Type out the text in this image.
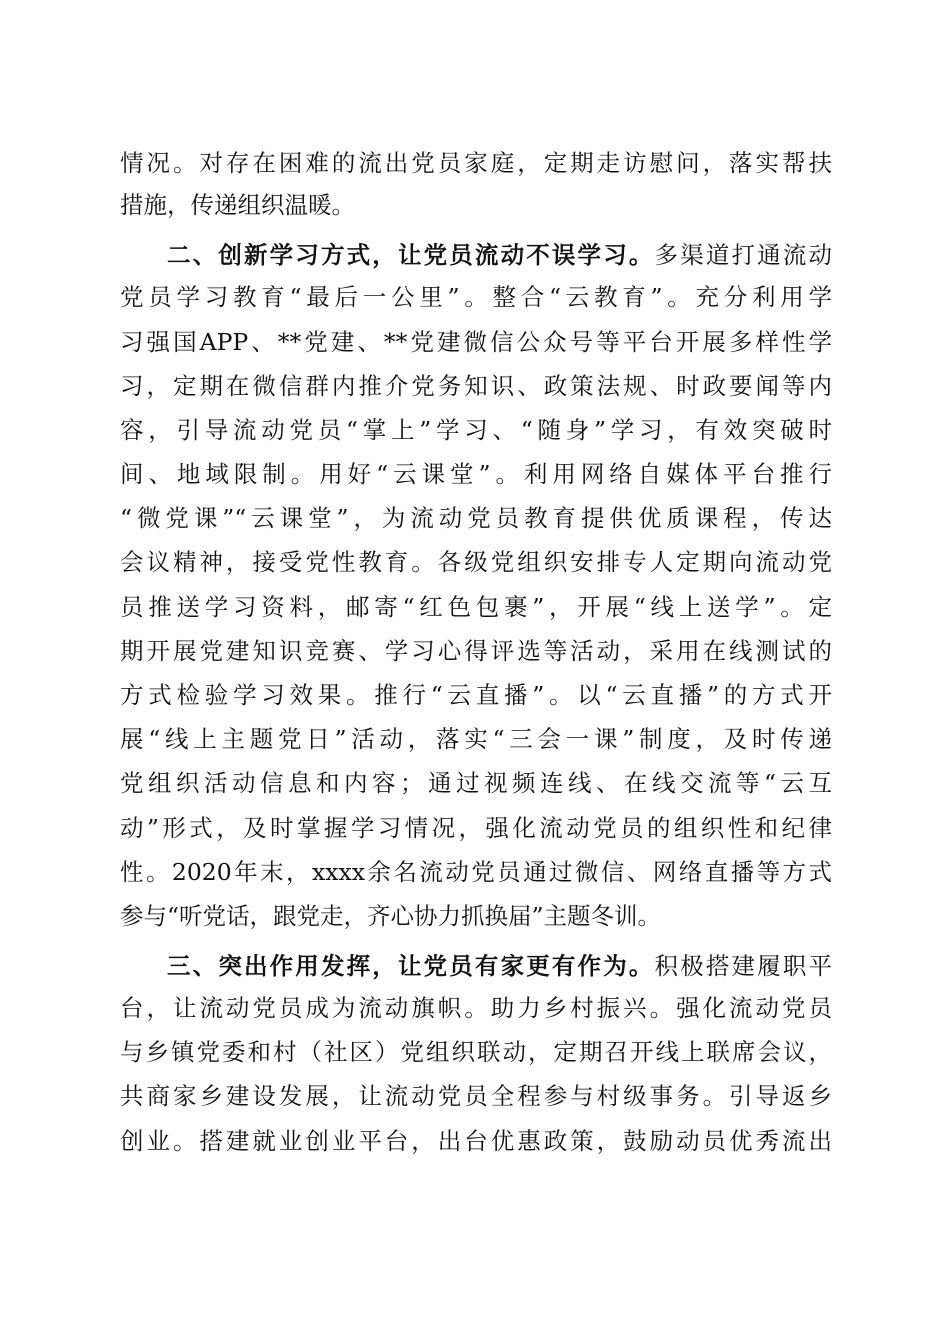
情况。对存在困难的流出党员家庭，定期走访慰问，落实帮扶
措施，传递组织温暖。
二、创新学习方式，让党员流动不误学习。多渠道打通流动
党员学习教育“最后一公里”。整合“云教育”。充分利用学
习强国APP、**党建、**党建微信公众号等平台开展多样性学
习，定期在微信群内推介党务知识、政策法规、时政要闻等内
容，引导流动党员“掌上”学习、“随身”学习，有效突破时
间、地域限制。用好“云课堂”。利用网络自媒体平台推行
“微党课”“云课堂”，为流动党员教育提供优质课程，传达
会议精神，接受党性教育。各级党组织安排专人定期向流动党
员推送学习资料，邮寄“红色包裹”，开展“线上送学”。定
期开展党建知识竞赛、学习心得评选等活动，采用在线测试的
方式检验学习效果。推行“云直播”。以“云直播”的方式开
展“线上主题党日”活动，落实“三会一课”制度，及时传递
党组织活动信息和内容；通过视频连线、在线交流等“云互
动”形式，及时掌握学习情况，强化流动党员的组织性和纪律
性。2020年末，xxxx余名流动党员通过微信、网络直播等方式
参与“听党话，跟党走，齐心协力抓换届”主题冬训。
三、突出作用发挥，让党员有家更有作为。积极搭建履职平
台，让流动党员成为流动旗帜。助力乡村振兴。强化流动党员
与乡镇党委和村（社区）党组织联动，定期召开线上联席会议，
共商家乡建设发展，让流动党员全程参与村级事务。引导返乡
创业。搭建就业创业平台，出台优惠政策，鼓励动员优秀流出
